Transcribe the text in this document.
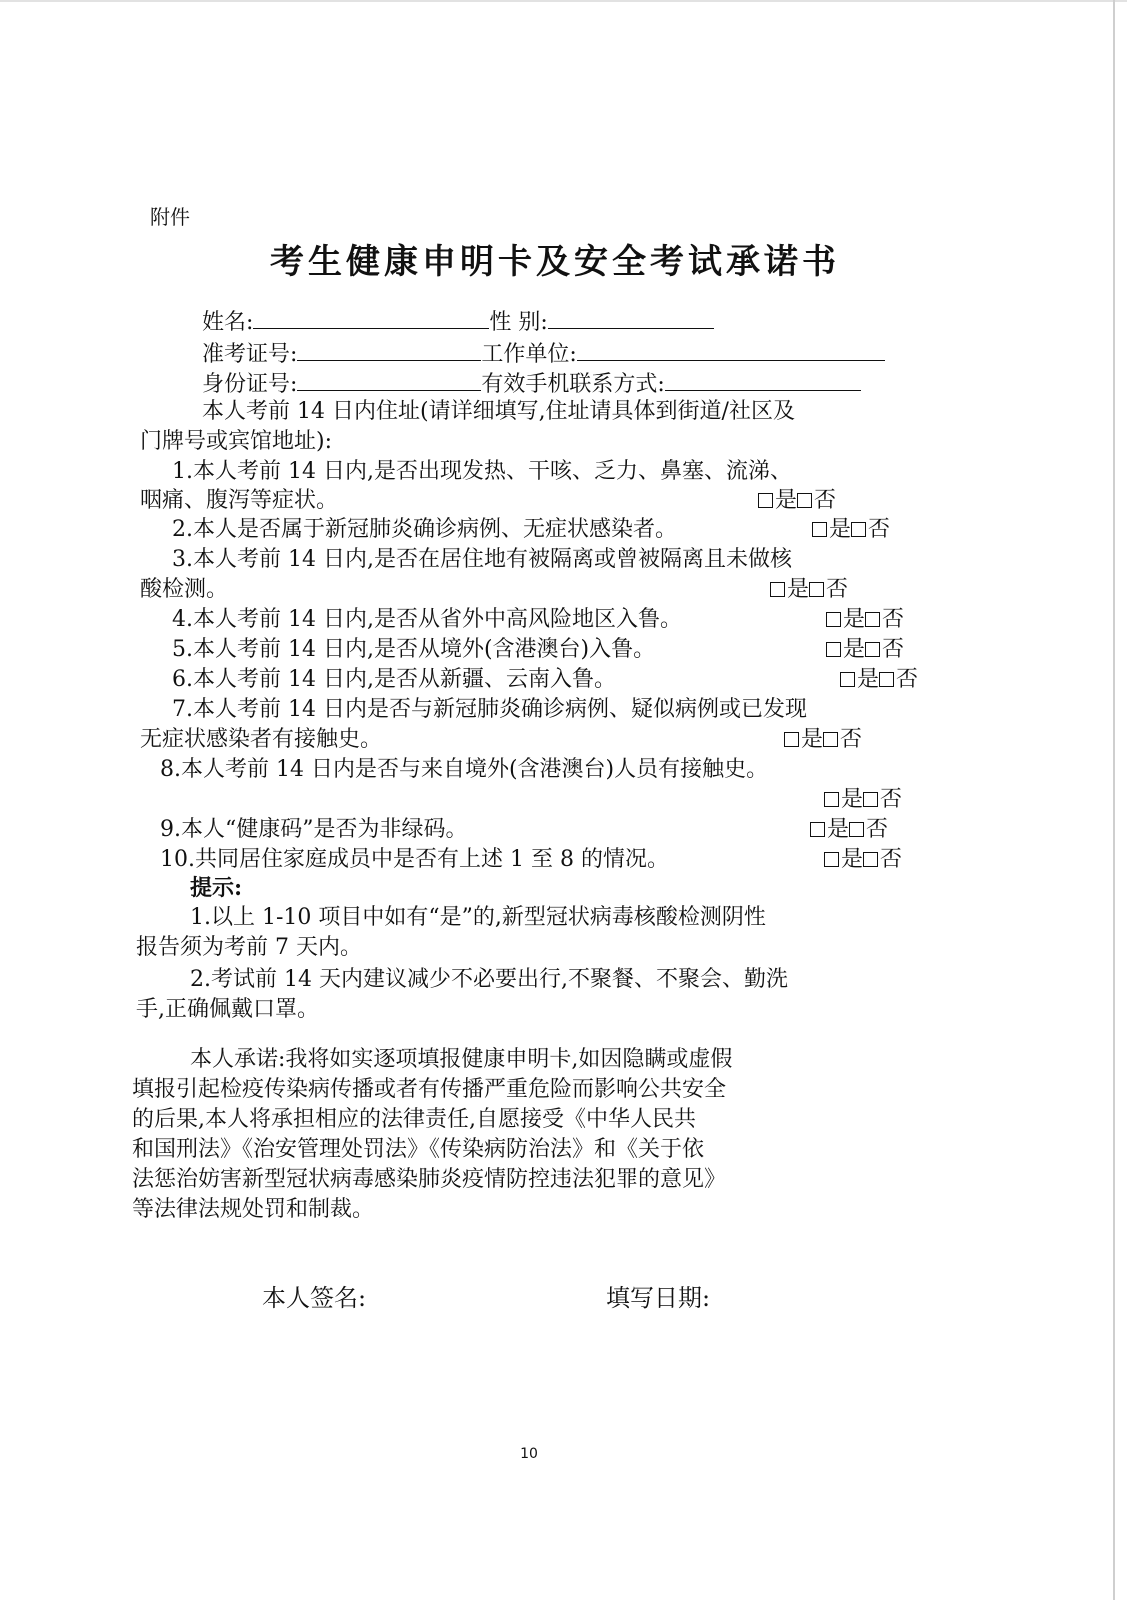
附件
考生健康申明卡及安全考试承诺书
姓名:	性 别:
准考证号:	工作单位:
身份证号:	有效手机联系方式:
本人考前 14 日内住址(请详细填写,住址请具体到街道/社区及
门牌号或宾馆地址):
1.本人考前 14 日内,是否出现发热、干咳、乏力、鼻塞、流涕、
咽痛、腹泻等症状。	是 否
2.本人是否属于新冠肺炎确诊病例、无症状感染者。	是 否
3.本人考前 14 日内,是否在居住地有被隔离或曾被隔离且未做核
酸检测。	是 否
4.本人考前 14 日内,是否从省外中高风险地区入鲁。	是 否
5.本人考前 14 日内,是否从境外(含港澳台)入鲁。	是 否
6.本人考前 14 日内,是否从新疆、云南入鲁。	是 否
7.本人考前 14 日内是否与新冠肺炎确诊病例、疑似病例或已发现
无症状感染者有接触史。	是 否
8.本人考前 14 日内是否与来自境外(含港澳台)人员有接触史。
是 否
9.本人“健康码”是否为非绿码。	是 否
10.共同居住家庭成员中是否有上述 1 至 8 的情况。	是 否
提示:
1.以上 1-10 项目中如有“是”的,新型冠状病毒核酸检测阴性
报告须为考前 7 天内。
2.考试前 14 天内建议减少不必要出行,不聚餐、不聚会、勤洗
手,正确佩戴口罩。
本人承诺:我将如实逐项填报健康申明卡,如因隐瞒或虚假
填报引起检疫传染病传播或者有传播严重危险而影响公共安全
的后果,本人将承担相应的法律责任,自愿接受《中华人民共
和国刑法》《治安管理处罚法》《传染病防治法》和《关于依
法惩治妨害新型冠状病毒感染肺炎疫情防控违法犯罪的意见》
等法律法规处罚和制裁。
本人签名:	填写日期:
10
